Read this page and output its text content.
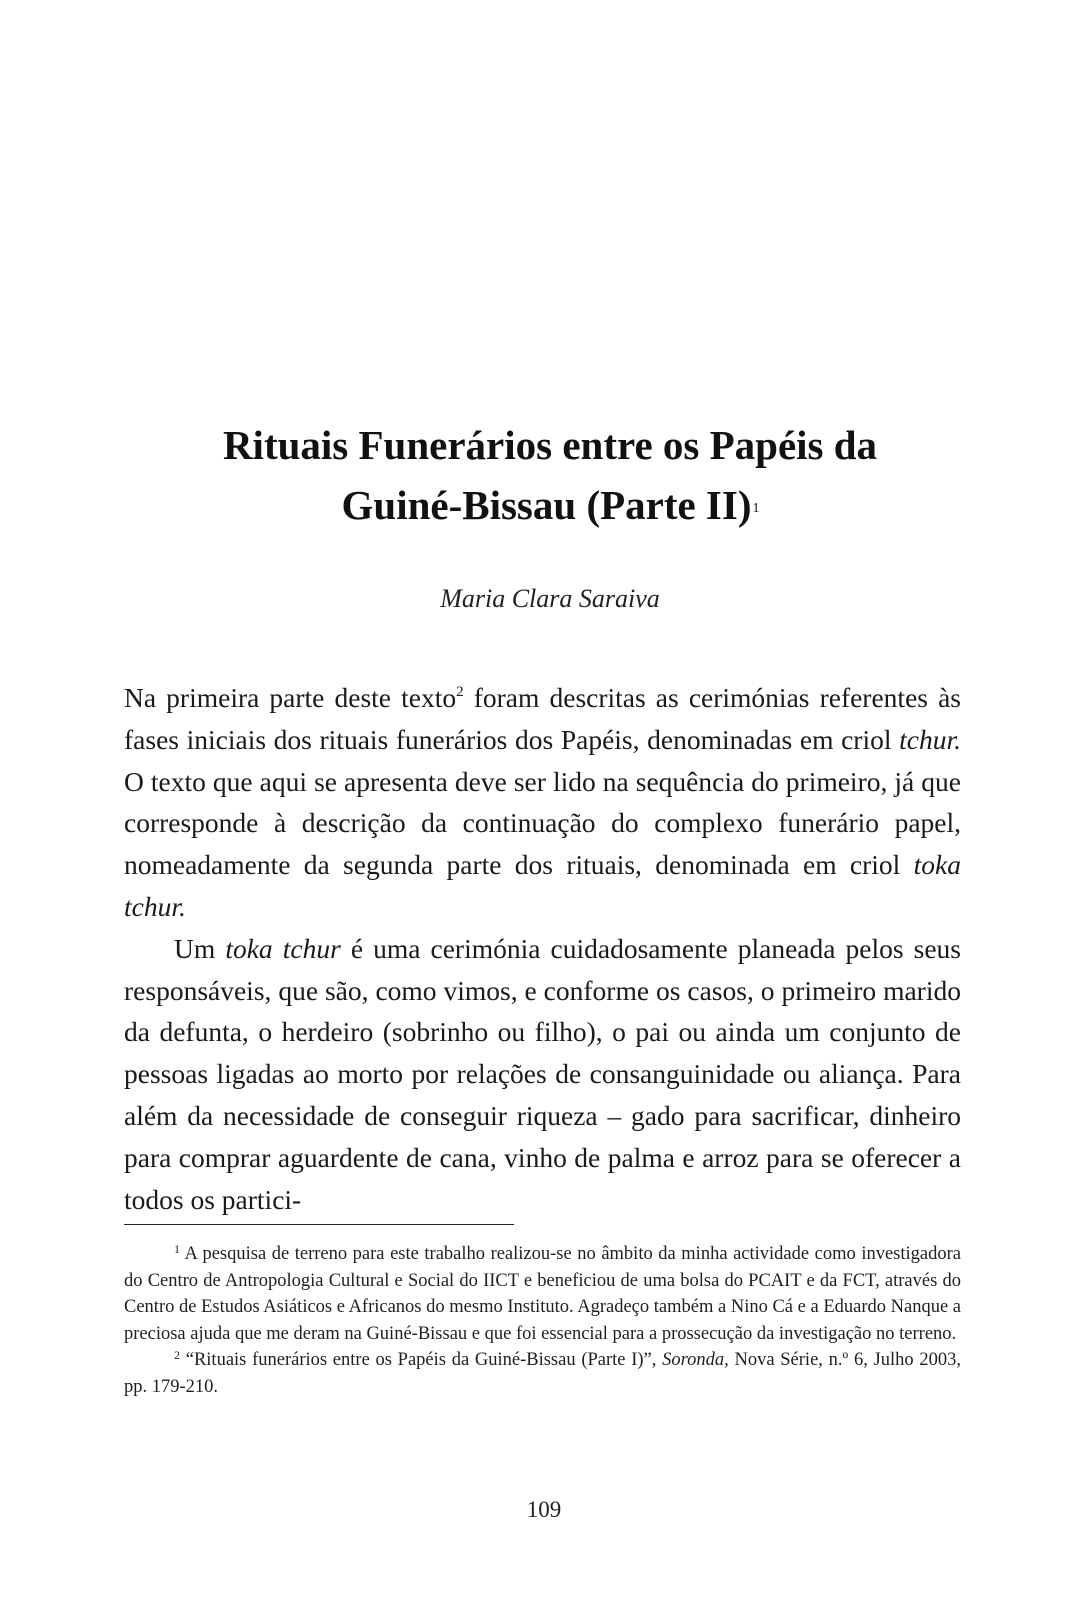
Rituais Funerários entre os Papéis da
Guiné-Bissau (Parte II)$^1$
Maria Clara Saraiva

Na primeira parte deste texto$^2$ foram descritas as cerimónias referentes às fases iniciais dos rituais funerários dos Papéis, denominadas em criol tchur. O texto que aqui se apresenta deve ser lido na sequência do primeiro, já que corresponde à descrição da continuação do complexo funerário papel, nomeadamente da segunda parte dos rituais, denominada em criol toka tchur.

Um toka tchur é uma cerimónia cuidadosamente planeada pelos seus responsáveis, que são, como vimos, e conforme os casos, o primeiro marido da defunta, o herdeiro (sobrinho ou filho), o pai ou ainda um conjunto de pessoas ligadas ao morto por relações de consanguinidade ou aliança. Para além da necessidade de conseguir riqueza – gado para sacrificar, dinheiro para comprar aguardente de cana, vinho de palma e arroz para se oferecer a todos os partici-

$^1$ A pesquisa de terreno para este trabalho realizou-se no âmbito da minha actividade como investigadora do Centro de Antropologia Cultural e Social do IICT e beneficiou de uma bolsa do PCAIT e da FCT, através do Centro de Estudos Asiáticos e Africanos do mesmo Instituto. Agradeço também a Nino Cá e a Eduardo Nanque a preciosa ajuda que me deram na Guiné-Bissau e que foi essencial para a prossecução da investigação no terreno.

$^2$ “Rituais funerários entre os Papéis da Guiné-Bissau (Parte I)”, Soronda, Nova Série, n.º 6, Julho 2003, pp. 179-210.

109
